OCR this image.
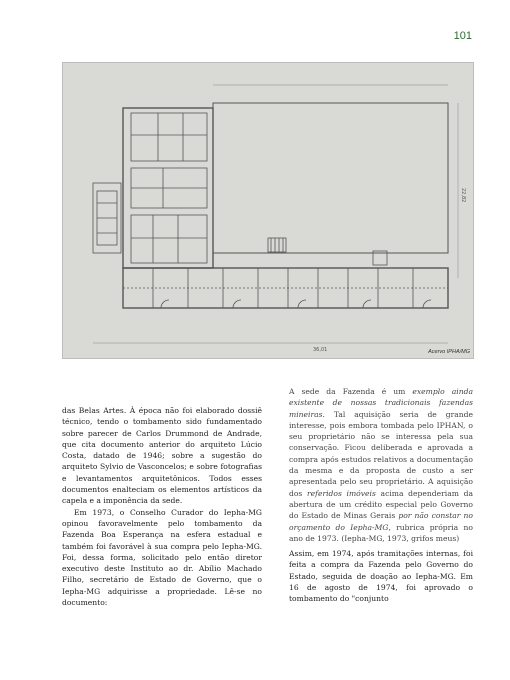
101
36,01
22,82
Acervo IPHA/MG

das Belas Artes. À época não foi elaborado dossiê técnico, tendo o tombamento sido fundamentado sobre parecer de Carlos Drummond de Andrade, que cita documento anterior do arquiteto Lúcio Costa, datado de 1946; sobre a sugestão do arquiteto Sylvio de Vasconcelos; e sobre fotografias e levantamentos arquitetônicos. Todos esses documentos enalteciam os elementos artísticos da capela e a imponência da sede.

Em 1973, o Conselho Curador do Iepha-MG opinou favoravelmente pelo tombamento da Fazenda Boa Esperança na esfera estadual e também foi favorável à sua compra pelo Iepha-MG. Foi, dessa forma, solicitado pelo então diretor executivo deste Instituto ao dr. Abílio Machado Filho, secretário de Estado de Governo, que o Iepha-MG adquirisse a propriedade. Lê-se no documento:

A sede da Fazenda é um exemplo ainda existente de nossas tradicionais fazendas mineiras. Tal aquisição seria de grande interesse, pois embora tombada pelo IPHAN, o seu proprietário não se interessa pela sua conservação. Ficou deliberada e aprovada a compra após estudos relativos a documentação da mesma e da proposta de custo a ser apresentada pelo seu proprietário. A aquisição dos referidos imóveis acima dependeriam da abertura de um crédito especial pelo Governo do Estado de Minas Gerais por não constar no orçamento do Iepha-MG, rubrica própria no ano de 1973. (Iepha-MG, 1973, grifos meus)

Assim, em 1974, após tramitações internas, foi feita a compra da Fazenda pelo Governo do Estado, seguida de doação ao Iepha-MG. Em 16 de agosto de 1974, foi aprovado o tombamento do "conjunto
